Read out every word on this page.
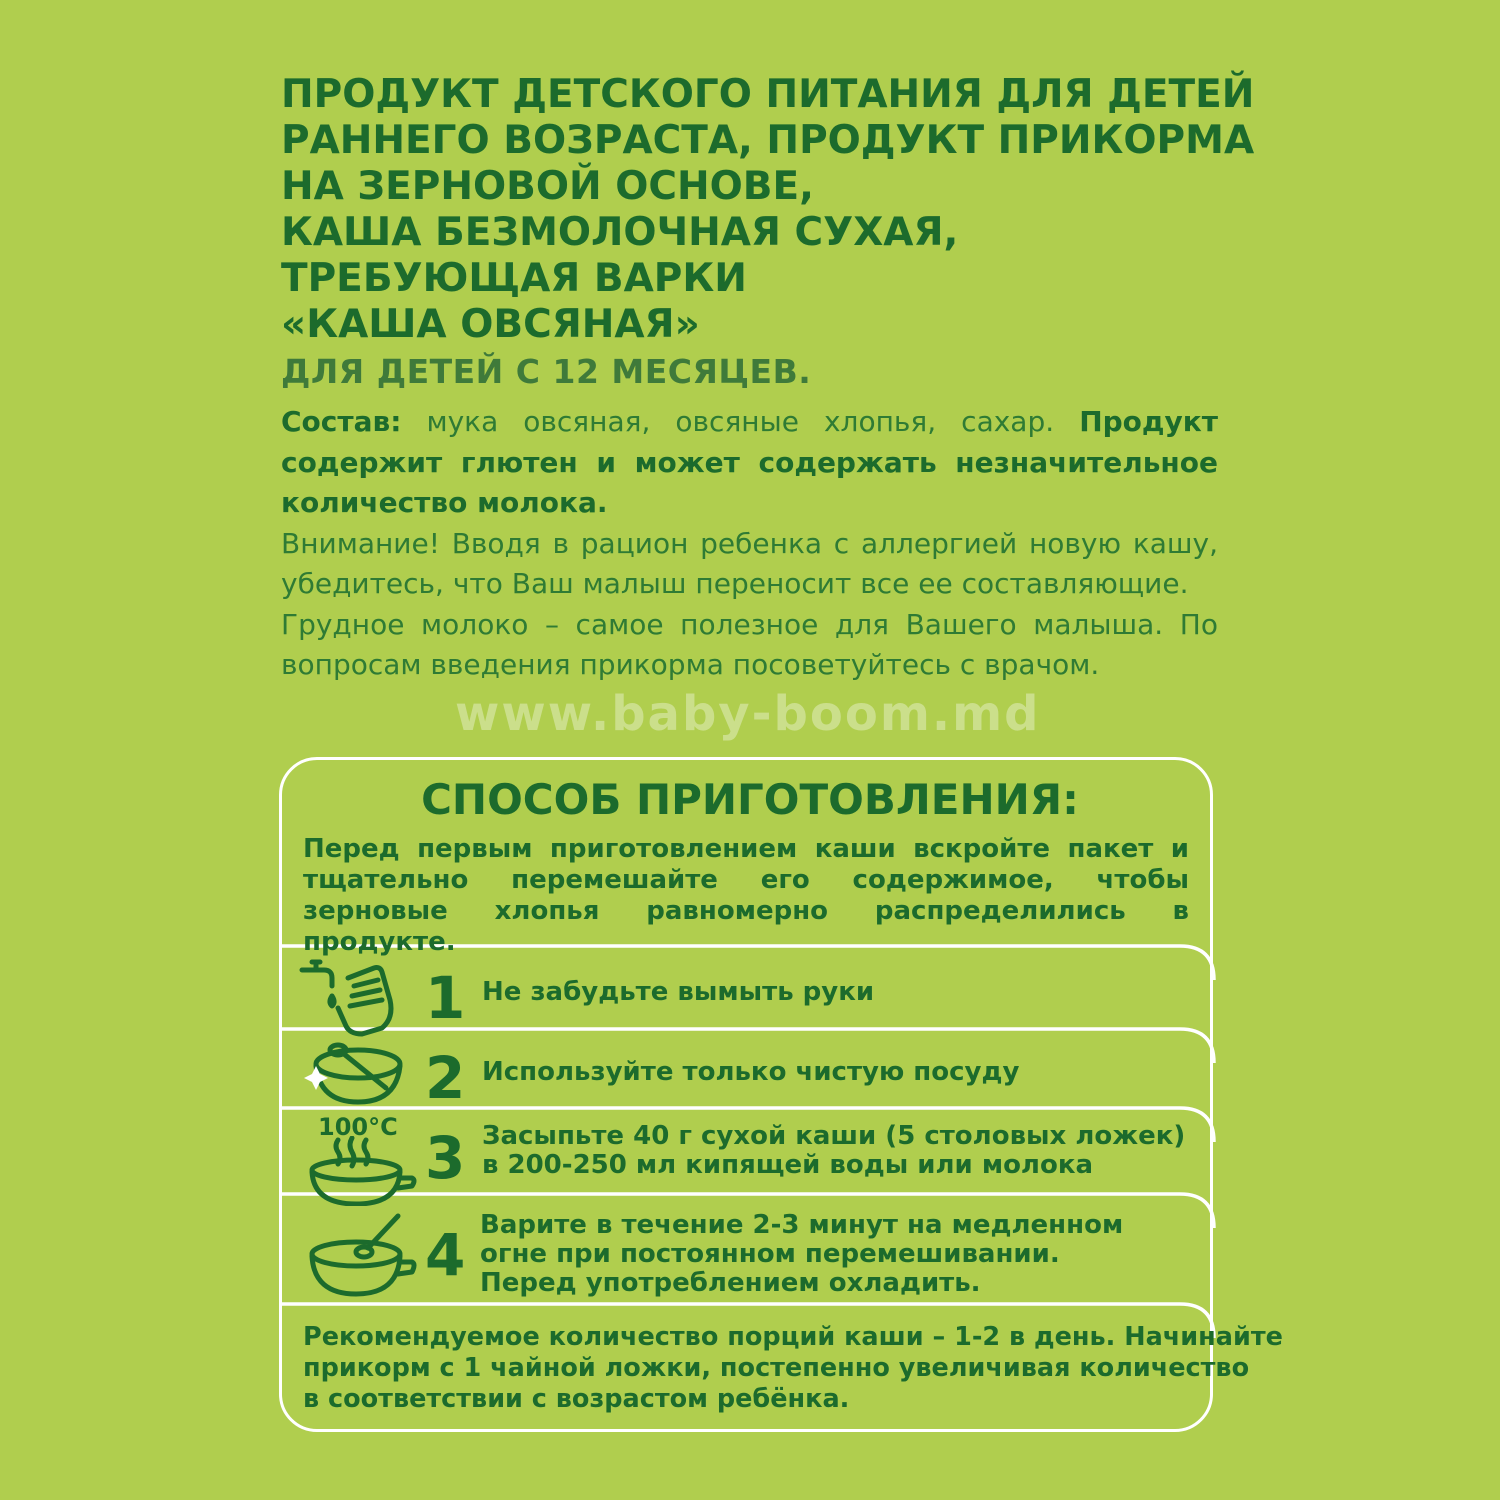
ПРОДУКТ ДЕТСКОГО ПИТАНИЯ ДЛЯ ДЕТЕЙ
РАННЕГО ВОЗРАСТА, ПРОДУКТ ПРИКОРМА
НА ЗЕРНОВОЙ ОСНОВЕ,
КАША БЕЗМОЛОЧНАЯ СУХАЯ,
ТРЕБУЮЩАЯ ВАРКИ
«КАША ОВСЯНАЯ»
ДЛЯ ДЕТЕЙ С 12 МЕСЯЦЕВ.

Состав: мука овсяная, овсяные хлопья, сахар. Продукт содержит глютен и может содержать незначительное количество молока.

Внимание! Вводя в рацион ребенка с аллергией новую кашу, убедитесь, что Ваш малыш переносит все ее составляющие.

Грудное молоко – самое полезное для Вашего малыша. По вопросам введения прикорма посоветуйтесь с врачом.

www.baby-boom.md
СПОСОБ ПРИГОТОВЛЕНИЯ:
Перед первым приготовлением каши вскройте пакет и тщательно перемешайте его содержимое, чтобы зерновые хлопья равномерно распределились в продукте.
100°C
1
2
3
4
Не забудьте вымыть руки
Используйте только чистую посуду
Засыпьте 40 г сухой каши (5 столовых ложек)
в 200-250 мл кипящей воды или молока
Варите в течение 2-3 минут на медленном
огне при постоянном перемешивании.
Перед употреблением охладить.
Рекомендуемое количество порций каши – 1-2 в день. Начинайте
прикорм с 1 чайной ложки, постепенно увеличивая количество
в соответствии с возрастом ребёнка.
